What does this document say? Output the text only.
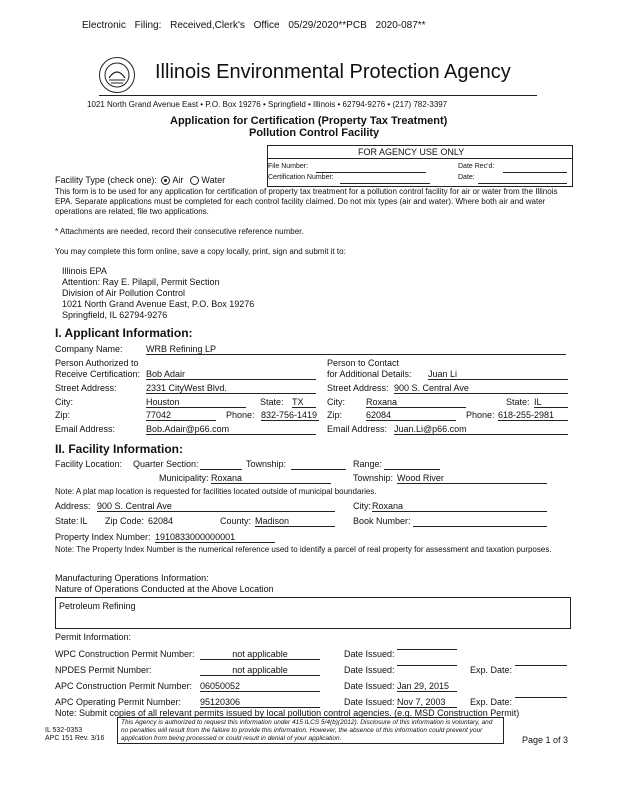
Electronic Filing: Received,Clerk's Office 05/29/2020**PCB 2020-087**
Illinois Environmental Protection Agency
1021 North Grand Avenue East • P.O. Box 19276 • Springfield • Illinois • 62794-9276 • (217) 782-3397
Application for Certification (Property Tax Treatment)
Pollution Control Facility
FOR AGENCY USE ONLY
File Number:
Certification Number:
Date Rec'd:
Date:
Facility Type (check one): Air Water
This form is to be used for any application for certification of property tax treatment for a pollution control facility for air or water from the Illinois EPA. Separate applications must be completed for each control facility claimed. Do not mix types (air and water). Where both air and water operations are related, file two applications.
* Attachments are needed, record their consecutive reference number.
You may complete this form online, save a copy locally, print, sign and submit it to:
Illinois EPA
Attention: Ray E. Pilapil, Permit Section
Division of Air Pollution Control
1021 North Grand Avenue East, P.O. Box 19276
Springfield, IL 62794-9276
I. Applicant Information:
Company Name:	WRB Refining LP
Person Authorized to
Receive Certification: Bob Adair
Person to Contact
for Additional Details: Juan Li
Street Address:	2331 CityWest Blvd.	Street Address: 900 S. Central Ave
City:	Houston	State: TX	City: Roxana	State: IL
Zip:	77042	Phone: 832-756-1419 Zip:	62084	Phone: 618-255-2981
Email Address:	Bob.Adair@p66.com	Email Address: Juan.Li@p66.com
II. Facility Information:
Facility Location: Quarter Section:	Township:	Range:
Municipality: Roxana	Township: Wood River
Note: A plat map location is requested for facilities located outside of municipal boundaries.
Address: 900 S. Central Ave	City: Roxana
State: IL Zip Code: 62084	County: Madison	Book Number:
Property Index Number: 1910833000000001
Note: The Property Index Number is the numerical reference used to identify a parcel of real property for assessment and taxation purposes.
Manufacturing Operations Information:
Nature of Operations Conducted at the Above Location
Petroleum Refining
Permit Information:
WPC Construction Permit Number:	not applicable	Date Issued:
NPDES Permit Number:	not applicable	Date Issued:	Exp. Date:
APC Construction Permit Number: 06050052	Date Issued: Jan 29, 2015
APC Operating Permit Number: 95120306	Date Issued: Nov 7, 2003	Exp. Date:
Note: Submit copies of all relevant permits issued by local pollution control agencies. (e.g. MSD Construction Permit)
IL 532-0353
APC 151 Rev. 3/16
This Agency is authorized to request this information under 415 ILCS 5/4(b)(2012). Disclosure of this information is voluntary, and no penalties will result from the failure to provide this information. However, the absence of this information could prevent your application from being processed or could result in denial of your application.	Page 1 of 3
